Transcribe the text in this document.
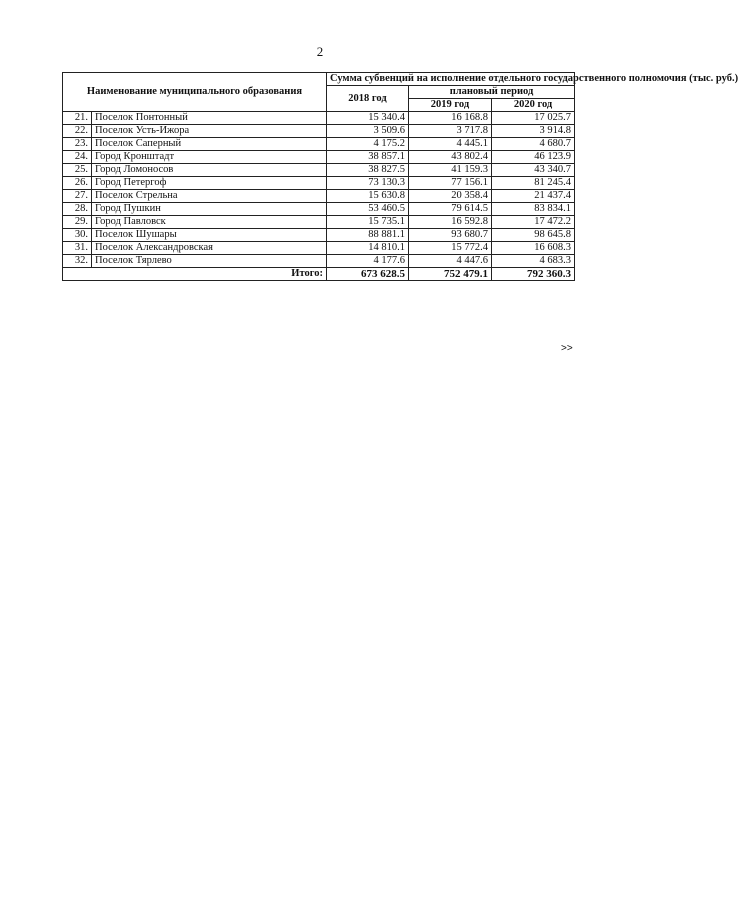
2
Наименование муниципального образования		Сумма субвенций на исполнение отдельного государственного полномочия (тыс. руб.)		
		2018 год	плановый период	
			2019 год	2020 год
21.	Поселок Понтонный	15 340.4	16 168.8	17 025.7
22.	Поселок Усть-Ижора	3 509.6	3 717.8	3 914.8
23.	Поселок Саперный	4 175.2	4 445.1	4 680.7
24.	Город Кронштадт	38 857.1	43 802.4	46 123.9
25.	Город Ломоносов	38 827.5	41 159.3	43 340.7
26.	Город Петергоф	73 130.3	77 156.1	81 245.4
27.	Поселок Стрельна	15 630.8	20 358.4	21 437.4
28.	Город Пушкин	53 460.5	79 614.5	83 834.1
29.	Город Павловск	15 735.1	16 592.8	17 472.2
30.	Поселок Шушары	88 881.1	93 680.7	98 645.8
31.	Поселок Александровская	14 810.1	15 772.4	16 608.3
32.	Поселок Тярлево	4 177.6	4 447.6	4 683.3
Итого:		673 628.5	752 479.1	792 360.3
>>
